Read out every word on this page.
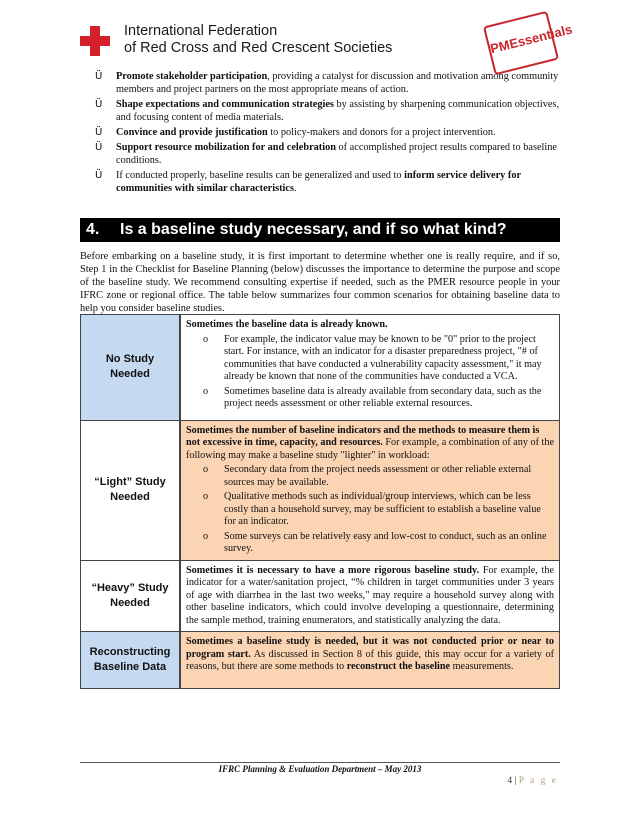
International Federation
of Red Cross and Red Crescent Societies	PMEssentials
Ü Promote stakeholder participation, providing a catalyst for discussion and motivation among community members and project partners on the most appropriate means of action.
Ü Shape expectations and communication strategies by assisting by sharpening communication objectives, and focusing content of media materials.
Ü Convince and provide justification to policy-makers and donors for a project intervention.
Ü Support resource mobilization for and celebration of accomplished project results compared to baseline conditions.
Ü If conducted properly, baseline results can be generalized and used to inform service delivery for communities with similar characteristics.
4. Is a baseline study necessary, and if so what kind?
Before embarking on a baseline study, it is first important to determine whether one is really require, and if so, Step 1 in the Checklist for Baseline Planning (below) discusses the importance to determine the purpose and scope of the baseline study. We recommend consulting expertise if needed, such as the PMER resource people in your IFRC zone or regional office. The table below summarizes four common scenarios for obtaining baseline data to help you consider baseline studies.
No Study Needed
Sometimes the baseline data is already known.
o For example, the indicator value may be known to be "0" prior to the project start. For instance, with an indicator for a disaster preparedness project, "# of communities that have conducted a vulnerability capacity assessment," it may already be known that none of the communities have conducted a VCA.
o Sometimes baseline data is already available from secondary data, such as the project needs assessment or other reliable external resources.
“Light” Study Needed
Sometimes the number of baseline indicators and the methods to measure them is not excessive in time, capacity, and resources. For example, a combination of any of the following may make a baseline study "lighter" in workload:
o Secondary data from the project needs assessment or other reliable external sources may be available.
o Qualitative methods such as individual/group interviews, which can be less costly than a household survey, may be sufficient to establish a baseline value for an indicator.
o Some surveys can be relatively easy and low-cost to conduct, such as an online survey.
“Heavy” Study Needed
Sometimes it is necessary to have a more rigorous baseline study. For example, the indicator for a water/sanitation project, “% children in target communities under 3 years of age with diarrhea in the last two weeks," may require a household survey along with other baseline indicators, which could involve developing a questionnaire, determining the sample method, training enumerators, and statistically analyzing the data.
Reconstructing Baseline Data
Sometimes a baseline study is needed, but it was not conducted prior or near to program start. As discussed in Section 8 of this guide, this may occur for a variety of reasons, but there are some methods to reconstruct the baseline measurements.
IFRC Planning & Evaluation Department – May 2013
4 | P a g e
